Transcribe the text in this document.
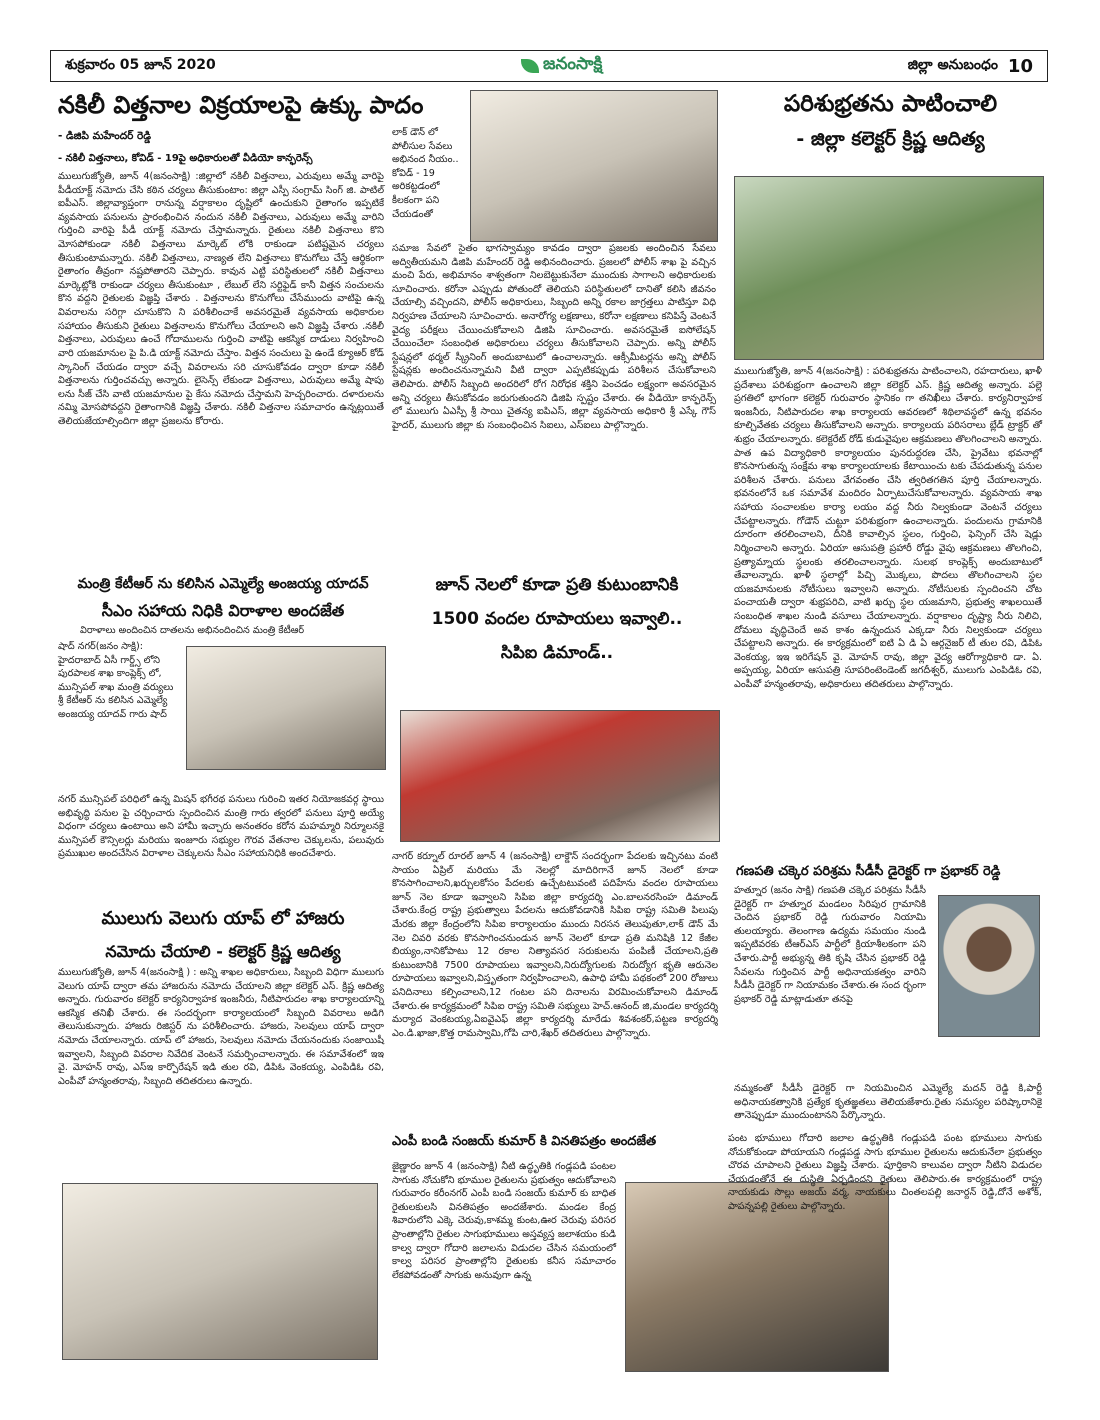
శుక్రవారం 05 జూన్ 2020	జనంసాక్షి	జిల్లా అనుబంధం 10
నకిలీ విత్తనాల విక్రయాలపై ఉక్కు పాదం
- డిజిపి మహేందర్ రెడ్డి
- నకిలీ విత్తనాలు, కోవిడ్ - 19పై అధికారులతో వీడియో కాన్ఫరెన్స్
ములుగుజ్యోతి, జూన్ 4(జనంసాక్షి) :జిల్లాలో నకిలీ విత్తనాలు, ఎరువులు అమ్మే వారిపై పీడీయాక్ట్ నమోదు చేసి కఠిన చర్యలు తీసుకుంటాం: జిల్లా ఎస్పీ సంగ్రామ్ సింగ్ జి. పాటిల్ ఐపీఎస్. జిల్లావ్యాప్తంగా రానున్న వర్షాకాలం దృష్టిలో ఉంచుకుని రైతాంగం ఇప్పటికే వ్యవసాయ పనులను ప్రారంభించిన నందున నకిలీ విత్తనాలు, ఎరువులు అమ్మే వారిని గుర్తించి వారిపై పీడీ యాక్ట్ నమోదు చేస్తామన్నారు. రైతులు నకిలీ విత్తనాలు కొని మోసపోకుండా నకిలీ విత్తనాలు మార్కెట్ లోకి రాకుండా పటిష్టమైన చర్యలు తీసుకుంటామన్నారు. నకిలీ విత్తనాలు, నాణ్యత లేని విత్తనాలు కొనుగోలు చేస్తే ఆర్థికంగా రైతాంగం తీవ్రంగా నష్టపోతారని చెప్పారు. కావున ఎట్టి పరిస్థితులలో నకిలీ విత్తనాలు మార్కెట్లోకి రాకుండా చర్యలు తీసుకుంటూ , లేబుల్ లేని సర్టిఫైడ్ కానీ విత్తన సంచులను కొన వద్దని రైతులకు విజ్ఞప్తి చేశారు . విత్తనాలను కొనుగోలు చేసేముందు వాటిపై ఉన్న వివరాలను సరిగ్గా చూసుకొని ని పరిశీలించాకే అవసరమైతే వ్యవసాయ అధికారుల సహాయం తీసుకుని రైతులు విత్తనాలను కొనుగోలు చేయాలని అని విజ్ఞప్తి చేశారు .నకిలీ విత్తనాలు, ఎరువులు ఉంచే గోదాములను గుర్తించి వాటిపై ఆకస్మిక దాడులు నిర్వహించి వారి యజమానుల పై పి.డి యాక్ట్ నమోదు చేస్తాం. విత్తన సంచులు పై ఉండే క్యూఆర్ కోడ్ స్కానింగ్ చేయడం ద్వారా వచ్చే వివరాలను సరి చూసుకోవడం ద్వారా కూడా నకిలీ విత్తనాలను గుర్తించవచ్చు అన్నారు. లైసెన్స్ లేకుండా విత్తనాలు, ఎరువులు అమ్మే షాపు లను సీజ్ చేసి వాటి యజమానుల పై కేసు నమోదు చేస్తామని హెచ్చరించారు. దళారులను నమ్మి మోసపోవద్దని రైతాంగానికి విజ్ఞప్తి చేశారు. నకిలీ విత్తనాల సమాచారం ఉన్నట్లయితే తెలియజేయాల్సిందిగా జిల్లా ప్రజలను కోరారు.
లాక్ డౌన్ లో పోలీసుల సేవలు అభినంద నీయం.. కోవిడ్ - 19 అరికట్టడంలో కీలకంగా పని చేయడంతో
సమాజ సేవలో సైతం భాగస్వామ్యం కావడం ద్వారా ప్రజలకు అందించిన సేవలు అద్వితీయమని డిజిపి మహేందర్ రెడ్డి అభినందించారు. ప్రజలలో పోలీస్ శాఖ పై వచ్చిన మంచి పేరు, అభిమానం శాశ్వతంగా నిలబెట్టుకునేలా ముందుకు సాగాలని అధికారులకు సూచించారు. కరోనా ఎప్పుడు పోతుందో తెలియని పరిస్థితులలో దానితో కలిసి జీవనం చేయాల్సి వచ్చిందని, పోలీస్ అధికారులు, సిబ్బంది అన్ని రకాల జాగ్రత్తలు పాటిస్తూ విధి నిర్వహణ చేయాలని సూచించారు. అనారోగ్య లక్షణాలు, కరోనా లక్షణాలు కనిపిస్తే వెంటనే వైద్య పరీక్షలు చేయించుకోవాలని డిజిపి సూచించారు. అవసరమైతే ఐసోలేషన్ చేయించేలా సంబంధిత అధికారులు చర్యలు తీసుకోవాలని చెప్పారు. అన్ని పోలీస్ స్టేషన్లలో థర్మల్ స్క్రీనింగ్ అందుబాటులో ఉంచాలన్నారు. ఆక్సీమీటర్లను అన్ని పోలీస్ స్టేషన్లకు అందించనున్నామని వీటి ద్వారా ఎప్పటికప్పుడు పరిశీలన చేసుకోవాలని తెలిపారు. పోలీస్ సిబ్బంది అందరిలో రోగ నిరోధక శక్తిని పెంచడం లక్ష్యంగా అవసరమైన అన్ని చర్యలు తీసుకోవడం జరుగుతుందని డిజిపి స్పష్టం చేశారు. ఈ వీడియో కాన్ఫరెన్స్ లో ములుగు ఏఎస్పీ శ్రీ సాయి చైతన్య ఐపిఎస్, జిల్లా వ్యవసాయ అధికారి శ్రీ ఎస్కే గౌస్ హైదర్, ములుగు జిల్లా కు సంబంధించిన సిఐలు, ఎస్ఐలు పాల్గొన్నారు.
పరిశుభ్రతను పాటించాలి
- జిల్లా కలెక్టర్ క్రిష్ణ ఆదిత్య
ములుగుజ్యోతి, జూన్ 4(జనంసాక్షి) : పరిశుభ్రతను పాటించాలని, రహదారులు, ఖాళీ ప్రదేశాలు పరిశుభ్రంగా ఉంచాలని జిల్లా కలెక్టర్ ఎస్. క్రిష్ణ ఆదిత్య అన్నారు. పల్లె ప్రగతిలో భాగంగా కలెక్టర్ గురువారం స్థానికం గా తనిఖీలు చేశారు. కార్యనిర్వాహక ఇంజనీరు, నీటిపారుదల శాఖ కార్యాలయ ఆవరణలో శిథిలావస్థలో ఉన్న భవనం కూల్చివేతకు చర్యలు తీసుకోవాలని అన్నారు. కార్యాలయ పరిసరాలు బ్లేడ్ ట్రాక్టర్ తో శుభ్రం చేయాలన్నారు. కలెక్టరేట్ రోడ్ కుడువైపుల ఆక్రమణలు తొలగించాలని అన్నారు. పాత ఉప విద్యాధికారి కార్యాలయం పునరుద్దరణ చేసి, ప్రైవేటు భవనాల్లో కొనసాగుతున్న సంక్షేమ శాఖ కార్యాలయాలకు కేటాయించు టకు చేపడుతున్న పనుల పరిశీలన చేశారు. పనులు వేగవంతం చేసి త్వరితగతిన పూర్తి చేయాలన్నారు. భవనంలోనే ఒక సమావేశ మందిరం ఏర్పాటుచేసుకోవాలన్నారు. వ్యవసాయ శాఖ సహాయ సంచాలకుల కార్యా లయం వద్ద నీరు నిల్వకుండా వెంటనే చర్యలు చేపట్టాలన్నారు. గోడౌన్ చుట్టూ పరిశుభ్రంగా ఉంచాలన్నారు. పందులను గ్రామానికి దూరంగా తరలించాలని, దీనికి కావాల్సిన స్థలం, గుర్తించి, ఫెన్సింగ్ చేసి షెడ్లు నిర్మించాలని అన్నారు. ఏరియా ఆసుపత్రి ప్రహారీ రోడ్డు వైపు ఆక్రమణలు తొలగించి, ప్రత్యామ్నాయ స్థలంకు తరలించాలన్నారు. సులభ కాంప్లెక్స్ అందుబాటులో తేవాలన్నారు. ఖాళీ స్థలాల్లో పిచ్చి మొక్కలు, పొదలు తొలగించాలని స్థల యజమానులకు నోటీసులు ఇవ్వాలని అన్నారు. నోటీసులకు స్పందించని చోట పంచాయతీ ద్వారా శుభ్రపరిచి, వాటి ఖర్చు స్థల యజమాని, ప్రభుత్వ శాఖలయితే సంబంధిత శాఖల నుండి వసూలు చేయాలన్నారు. వర్షాకాలం దృష్ట్యా నీరు నిలిచి, దోమలు వృద్ధిచెందే అవ కాశం ఉన్నందున ఎక్కడా నీరు నిల్వకుండా చర్యలు చేపట్టాలని అన్నారు. ఈ కార్యక్రమంలో ఐటి ఏ డి ఏ ఆర్గనైజర్ టీ తుల రవి, డిపిఓ వెంకయ్య, ఇఇ ఇరిగేషన్ వై. మోహన్ రావు, జిల్లా వైద్య ఆరోగ్యాధికారి డా. ఏ. అప్పయ్య, ఏరియా ఆసుపత్రి సూపరింటెండెంట్ జగదీశ్వర్, ములుగు ఎంపిడిఓ రవి, ఎంపీవో హన్మంతరావు, అధికారులు తదితరులు పాల్గొన్నారు.
మంత్రి కేటీఆర్ ను కలిసిన ఎమ్మెల్యే అంజయ్య యాదవ్
సీఎం సహాయ నిధికి విరాళాల అందజేత
విరాళాలు అందించిన దాతలను అభినందించిన మంత్రి కేటీఆర్
షాద్ నగర్(జనం సాక్షి): హైదరాబాద్ ఏసీ గార్డ్స్ లోని పురపాలక శాఖ కాంప్లెక్స్ లో, మున్సిపల్ శాఖ మంత్రి వర్యులు శ్రీ కేటీఆర్ ను కలిసిన ఎమ్మెల్యే అంజయ్య యాదవ్ గారు షాద్
నగర్ మున్సిపల్ పరిధిలో ఉన్న మిషన్ భగీరథ పనులు గురించి ఇతర నియోజకవర్గ స్థాయి అభివృద్ధి పనుల పై చర్చించారు స్పందించిన మంత్రి గారు త్వరలో పనులు పూర్తి అయ్యే విధంగా చర్యలు ఉంటాయి అని హామీ ఇచ్చారు అనంతరం కరోన మహమ్మారి నిర్మూలనకై మున్సిపల్ కౌన్సిలర్లు మరియు ఇంజూరు సభ్యుల గౌరవ వేతనాల చెక్కులను, పలువురు ప్రముఖుల అందచేసిన విరాళాల చెక్కులను సీఎం సహాయనిధికి అందచేశారు.
జూన్ నెలలో కూడా ప్రతి కుటుంబానికి
1500 వందల రూపాయలు ఇవ్వాలి..
సిపిఐ డిమాండ్..
నాగర్ కర్నూల్ రూరల్ జూన్ 4 (జనంసాక్షి) లాక్డౌన్ సందర్భంగా పేదలకు ఇచ్చినటు వంటి సాయం ఏప్రిల్ మరియు మే నెలల్లో మాదిరిగానే జూన్ నెలలో కూడా కొనసాగించాలని,ఖర్చులకోసం పేదలకు ఉచ్చేటటువంటి పదిహేను వందల రూపాయలు జూన్ నెల కూడా ఇవ్వాలని సిపిఐ జిల్లా కార్యదర్శి ఎం.బాలనరసింహ డిమాండ్ చేశారు.కేంద్ర రాష్ట్ర ప్రభుత్వాలు పేదలను ఆదుకోవడానికి సిపిఐ రాష్ట్ర సమితి పిలుపు మేరకు జిల్లా కేంద్రంలోని సిపిఐ కార్యాలయం ముందు నిరసన తెలుపుతూ,లాక్ డౌన్ మే నెల చివరి వరకు కొనసాగించనుండున జూన్ నెలలో కూడా ప్రతి మనిషికి 12 కేజీల బియ్యం,నానికోపాటు 12 రకాల నిత్యావసర సరుకులను పంపిణీ చేయాలని,ప్రతి కుటుంబానికి 7500 రూపాయలు ఇవ్వాలని,నిరుద్యోగులకు నిరుద్యోగ భృతి ఆరునెల రూపాయలు ఇవ్వాలని,విస్తృతంగా నిర్వహించాలని, ఉపాధి హామీ పథకంలో 200 రోజులు పనిదినాలు కల్పించాలని,12 గంటల పని దినాలను విరమించుకోవాలని డిమాండ్ చేశారు.ఈ కార్యక్రమంలో సిపిఐ రాష్ట్ర సమితి సభ్యులు హెచ్.ఆనంద్ జి,మండల కార్యదర్శి మర్యాద వెంకటయ్య,ఏఐవైఎఫ్ జిల్లా కార్యదర్శి మారేడు శివశంకర్,పట్టణ కార్యదర్శి ఎం.డి.ఖాజా,కొత్త రామస్వామి,గోపి చారి,శేఖర్ తదితరులు పాల్గొన్నారు.
ములుగు వెలుగు యాప్ లో హాజరు
నమోదు చేయాలి - కలెక్టర్ క్రిష్ణ ఆదిత్య
ములుగుజ్యోతి, జూన్ 4(జనంసాక్షి ) : అన్ని శాఖల అధికారులు, సిబ్బంది విధిగా ములుగు వెలుగు యాప్ ద్వారా తమ హాజరును నమోదు చేయాలని జిల్లా కలెక్టర్ ఎస్. క్రిష్ణ ఆదిత్య అన్నారు. గురువారం కలెక్టర్ కార్యనిర్వాహక ఇంజనీరు, నీటిపారుదల శాఖ కార్యాలయాన్ని ఆకస్మిక తనిఖీ చేశారు. ఈ సందర్భంగా కార్యాలయంలో సిబ్బంది వివరాలు అడిగి తెలుసుకున్నారు. హాజరు రిజిస్టర్ ను పరిశీలించారు. హాజరు, సెలవులు యాప్ ద్వారా నమోదు చేయాలన్నారు. యాప్ లో హాజరు, సెలవులు నమోదు చేయనందుకు సంజాయిషీ ఇవ్వాలని, సిబ్బంది వివరాల నివేదిక వెంటనే సమర్పించాలన్నారు. ఈ సమావేశంలో ఇఇ వై. మోహన్ రావు, ఎస్ఇ కార్పొరేషన్ ఇడి తుల రవి, డిపిఓ వెంకయ్య, ఎంపిడిఓ రవి, ఎంపీవో హన్మంతరావు, సిబ్బంది తదితరులు ఉన్నారు.
గణపతి చక్కెర పరిశ్రమ సీడీసీ డైరెక్టర్ గా ప్రభాకర్ రెడ్డి
హత్నూర (జనం సాక్షి) గణపతి చక్కెర పరిశ్రమ సీడీసీ డైరెక్టర్ గా హత్నూర మండలం సిరిపుర గ్రామానికి చెందిన ప్రభాకర్ రెడ్డి గురువారం నియామి తులయ్యారు. తెలంగాణ ఉద్యమ సమయం నుండి ఇప్పటివరకు టీఆర్ఎస్ పార్టీలో క్రియాశీలకంగా పని చేశారు.పార్టీ అభ్యున్న తికి కృషి చేసిన ప్రభాకర్ రెడ్డి సేవలను గుర్తించిన పార్టీ అధినాయకత్వం వారిని సీడీసీ డైరెక్టర్ గా నియామకం చేశారు.ఈ సంద ర్భంగా ప్రభాకర్ రెడ్డి మాట్లాడుతూ తనపై
నమ్మకంతో సీడీసీ డైరెక్టర్ గా నియమించిన ఎమ్మెల్యే మదన్ రెడ్డి కి,పార్టీ అధినాయకత్వానికి ప్రత్యేక కృతజ్ఞతలు తెలియజేశారు.రైతు సమస్యల పరిష్కారానికై తానెప్పుడూ ముందుంటానని పేర్కొన్నారు.
ఎంపీ బండి సంజయ్ కుమార్ కి వినతిపత్రం అందజేత
జైణ్ణారం జూన్ 4 (జనంసాక్షి) నీటి ఉద్ధృతికి గండ్లపడి పంటల సాగుకు నోచుకోని భూముల రైతులను ప్రభుత్వం ఆదుకోవాలని గురువారం కరీంనగర్ ఎంపీ బండి సంజయ్ కుమార్ కు బాధిత రైతులకులసి వినతిపత్రం అందజేశారు. మండల కేంద్ర శివారులోని ఎక్కె చెరువు,కాశమ్మ కుంట,ఊర చెరువు పరిసర ప్రాంతాల్లోని రైతుల సాగుభూములు అస్తవ్యస్త జలాశయం కుడి కాల్వ ద్వారా గోదారి జలాలను విడుదల చేసిన సమయంలో కాల్వ పరిసర ప్రాంతాల్లోని రైతులకు కనీస సమాచారం లేకపోవడంతో సాగుకు అనువుగా ఉన్న
పంట భూములు గోదారి జలాల ఉద్ధృతికి గండ్లుపడి పంట భూములు సాగుకు నోచుకోకుండా పోయాయని గండ్లపడ్డ సాగు భూముల రైతులను ఆదుకునేలా ప్రభుత్వం చొరవ చూపాలని రైతులు విజ్ఞప్తి చేశారు. పూర్తికాని కాలువల ద్వారా నీటిని విడుదల చేయడంతోనే ఈ దుస్థితి ఏర్పడిందని రైతులు తెలిపారు.ఈ కార్యక్రమంలో రాష్ట్ర నాయకుడు సొల్లు అజయ్ వర్మ, నాయకులు చింతలపల్లి జనార్దన్ రెడ్డి,దోనే అశోక్, పాపన్నపల్లి రైతులు పాల్గొన్నారు.
